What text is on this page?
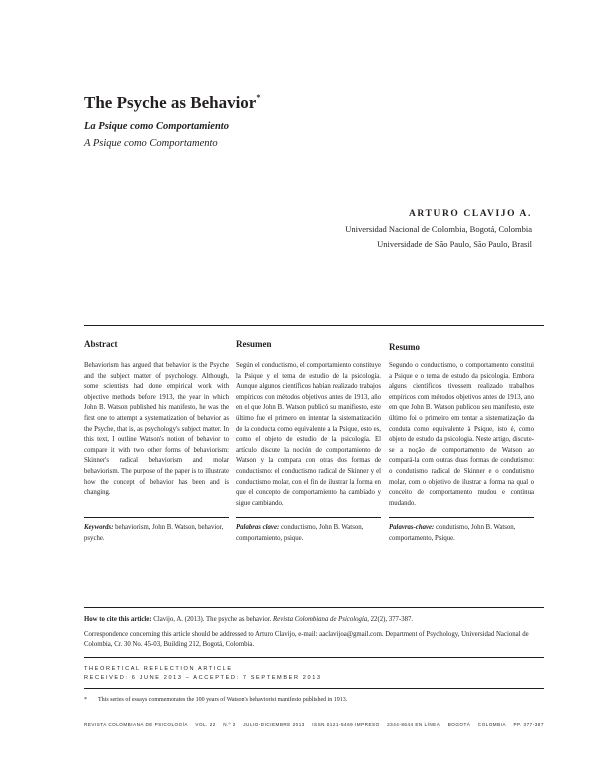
The Psyche as Behavior*
La Psique como Comportamiento
A Psique como Comportamento
ARTURO CLAVIJO A.
Universidad Nacional de Colombia, Bogotá, Colombia
Universidade de São Paulo, São Paulo, Brasil
Abstract
Behaviorism has argued that behavior is the Psyche and the subject matter of psychology. Although, some scientists had done empirical work with objective methods before 1913, the year in which John B. Watson published his manifesto, he was the first one to attempt a systematization of behavior as the Psyche, that is, as psychology's subject matter. In this text, I outline Watson's notion of behavior to compare it with two other forms of behaviorism: Skinner's radical behaviorism and molar behaviorism. The purpose of the paper is to illustrate how the concept of behavior has been and is changing.
Keywords: behaviorism, John B. Watson, behavior, psyche.
Resumen
Según el conductismo, el comportamiento constituye la Psique y el tema de estudio de la psicología. Aunque algunos científicos habían realizado trabajos empíricos con métodos objetivos antes de 1913, año en el que John B. Watson publicó su manifiesto, este último fue el primero en intentar la sistematización de la conducta como equivalente a la Psique, esto es, como el objeto de estudio de la psicología. El artículo discute la noción de comportamiento de Watson y la compara con otras dos formas de conductismo: el conductismo radical de Skinner y el conductismo molar, con el fin de ilustrar la forma en que el concepto de comportamiento ha cambiado y sigue cambiando.
Palabras clave: conductismo, John B. Watson, comportamiento, psique.
Resumo
Segundo o conductismo, o comportamento constitui a Psique e o tema de estudo da psicologia. Embora alguns científicos tivessem realizado trabalhos empíricos com métodos objetivos antes de 1913, ano em que John B. Watson publicou seu manifesto, este último foi o primeiro em tentar a sistematização da conduta como equivalente à Psique, isto é, como objeto de estudo da psicologia. Neste artigo, discute-se a noção de comportamento de Watson ao compará-la com outras duas formas de condutismo: o condutismo radical de Skinner e o condutismo molar, com o objetivo de ilustrar a forma na qual o conceito de comportamento mudou e continua mudando.
Palavras-chave: condutismo, John B. Watson, comportamento, Psique.
How to cite this article: Clavijo, A. (2013). The psyche as behavior. Revista Colombiana de Psicología, 22(2), 377-387.
Correspondence concerning this article should be addressed to Arturo Clavijo, e-mail: aaclavijoa@gmail.com. Department of Psychology, Universidad Nacional de Colombia, Cr. 30 No. 45-03, Building 212, Bogotá, Colombia.
THEORETICAL REFLECTION ARTICLE
RECEIVED: 6 JUNE 2013 – ACCEPTED: 7 SEPTEMBER 2013
* This series of essays commemorates the 100 years of Watson's behaviorist manifesto published in 1913.
REVISTA COLOMBIANA DE PSICOLOGÍA VOL. 22 N.º 2 JULIO-DICIEMBRE 2013 ISSN 0121-5469 IMPRESO 2344-8644 EN LÍNEA BOGOTÁ COLOMBIA PP. 377-387
